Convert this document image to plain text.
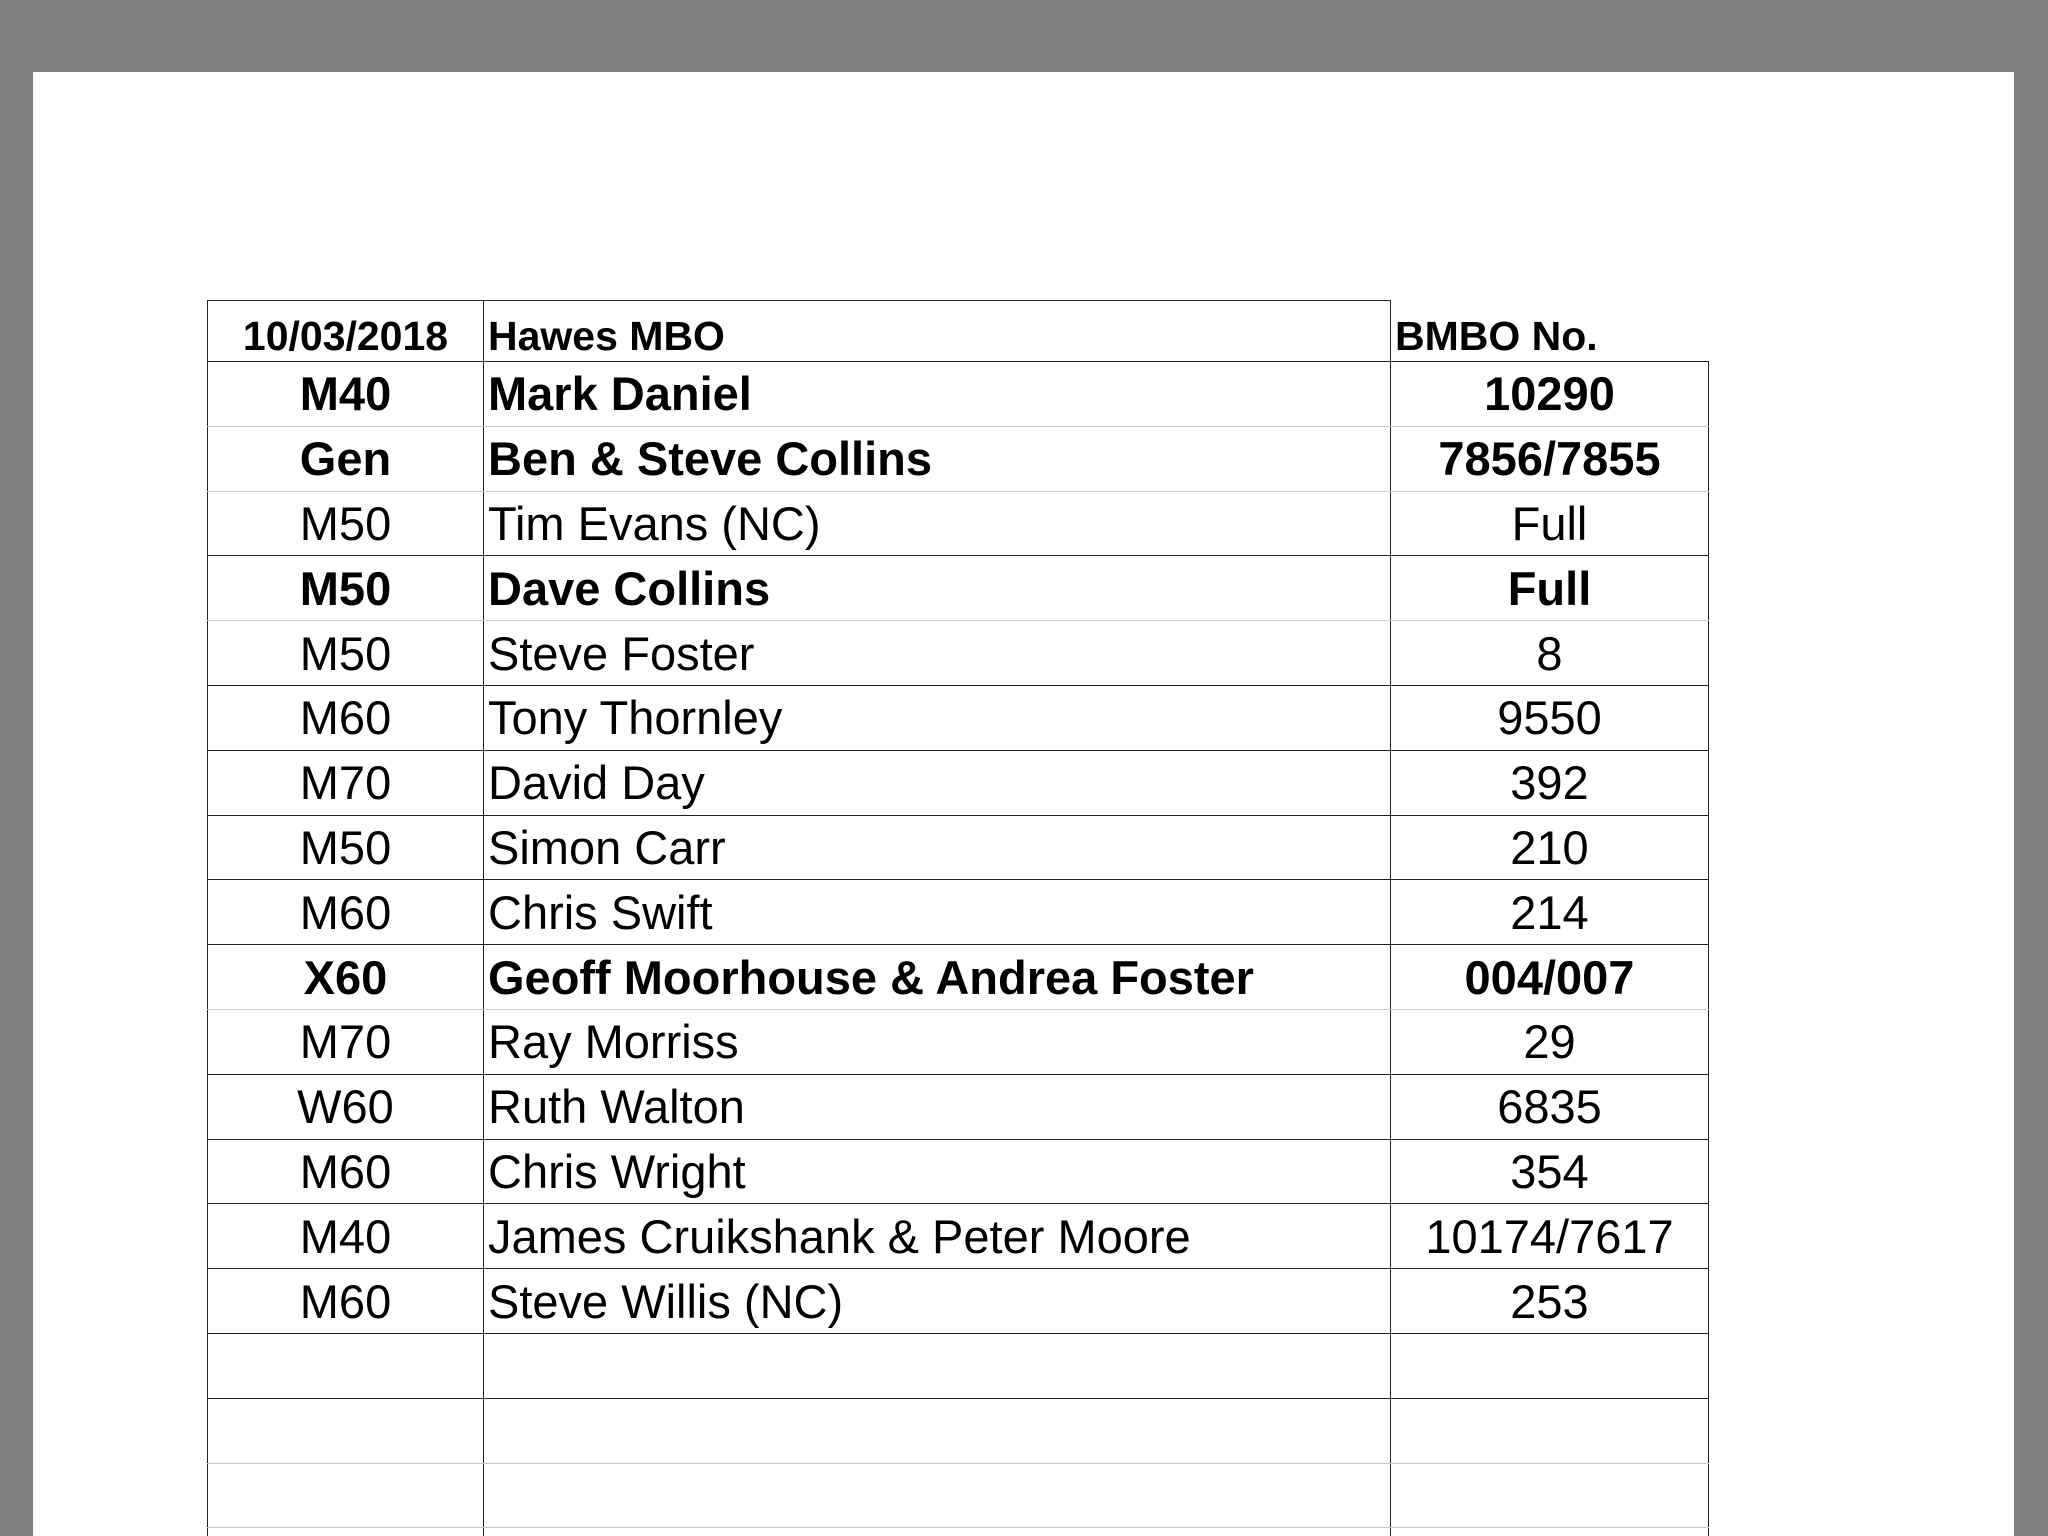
10/03/2018	Hawes MBO	BMBO No.
M40	Mark Daniel	10290
Gen	Ben & Steve Collins	7856/7855
M50	Tim Evans (NC)	Full
M50	Dave Collins	Full
M50	Steve Foster	8
M60	Tony Thornley	9550
M70	David Day	392
M50	Simon Carr	210
M60	Chris Swift	214
X60	Geoff Moorhouse & Andrea Foster	004/007
M70	Ray Morriss	29
W60	Ruth Walton	6835
M60	Chris Wright	354
M40	James Cruikshank & Peter Moore	10174/7617
M60	Steve Willis (NC)	253
